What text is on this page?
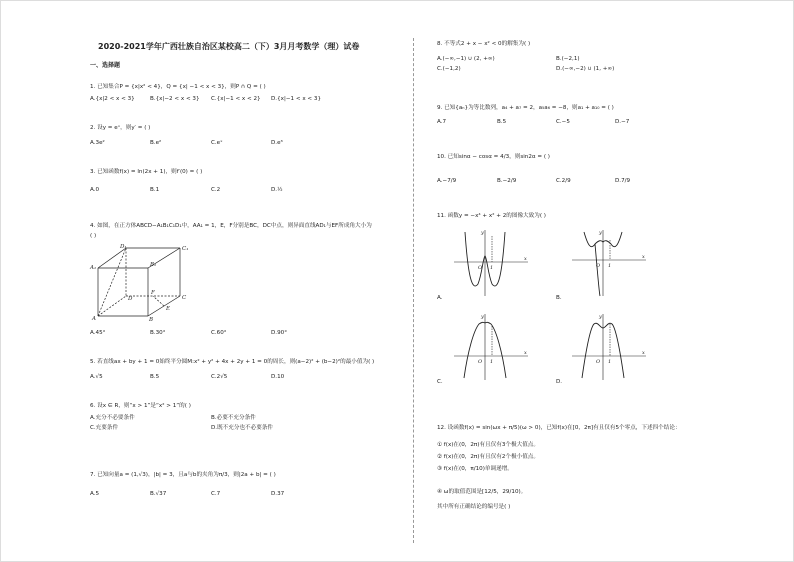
2020-2021学年广西壮族自治区某校高二（下）3月月考数学（理）试卷
一、选择题
1. 已知集合P = {x|x² < 4}，Q = {x| −1 < x < 3}，则P ∩ Q = ( )
A.{x|2 < x < 3}	B.{x|−2 < x < 3} C.{x|−1 < x < 2} D.{x|−1 < x < 3}
2. 设y = eˣ，则y′ = ( )
A.3e²	B.e²	C.eˣ	D.e³
3. 已知函数f(x) = ln(2x + 1)，则f′(0) = ( )
A.0	B.1	C.2	D.½
4. 如图，在正方体ABCD−A₁B₁C₁D₁中，AA₁ = 1，E，F分别是BC，DC中点，则异面直线AD₁与EF所成角大小为
( )
D₁	C₁
A₁	B₁
D	C
A	B
E
F
A.45°	B.30°	C.60°	D.90°
5. 若直线ax + by + 1 = 0始终平分圆M:x² + y² + 4x + 2y + 1 = 0的周长，则(a−2)² + (b−2)²的最小值为( )
A.√5	B.5	C.2√5	D.10
6. 设x ∈ R，则“x > 1”是“x² > 1”的( )
A.充分不必要条件	B.必要不充分条件
C.充要条件	D.既不充分也不必要条件
7. 已知向量a = (1,√3)，|b| = 3，且a与b的夹角为π/3，则|2a + b| = ( )
A.5	B.√37	C.7	D.37
8. 不等式2 + x − x² < 0的解集为( )
A.(−∞,−1) ∪ (2, +∞)	B.(−2,1)
C.(−1,2)	D.(−∞,−2) ∪ (1, +∞)
9. 已知{aₙ}为等比数列，a₄ + a₇ = 2，a₅a₆ = −8，则a₁ + a₁₀ = ( )
A.7	B.5	C.−5	D.−7
10. 已知sinα − cosα = 4/3，则sin2α = ( )
A.−7/9	B.−2/9	C.2/9	D.7/9
11. 函数y = −x⁴ + x² + 2的图像大致为( )
y
x
O 1
A.
y
x
O 1
B.
y
x
O 1
C.
y
x
O 1
D.
12. 设函数f(x) = sin(ωx + π/5)(ω > 0)，已知f(x)在[0，2π]有且仅有5个零点，下述四个结论：
① f(x)在(0，2π)有且仅有3个极大值点。
② f(x)在(0，2π)有且仅有2个极小值点。
③ f(x)在(0，π/10)单调递增。
④ ω的取值范围是[12/5，29/10)。
其中所有正确结论的编号是( )
